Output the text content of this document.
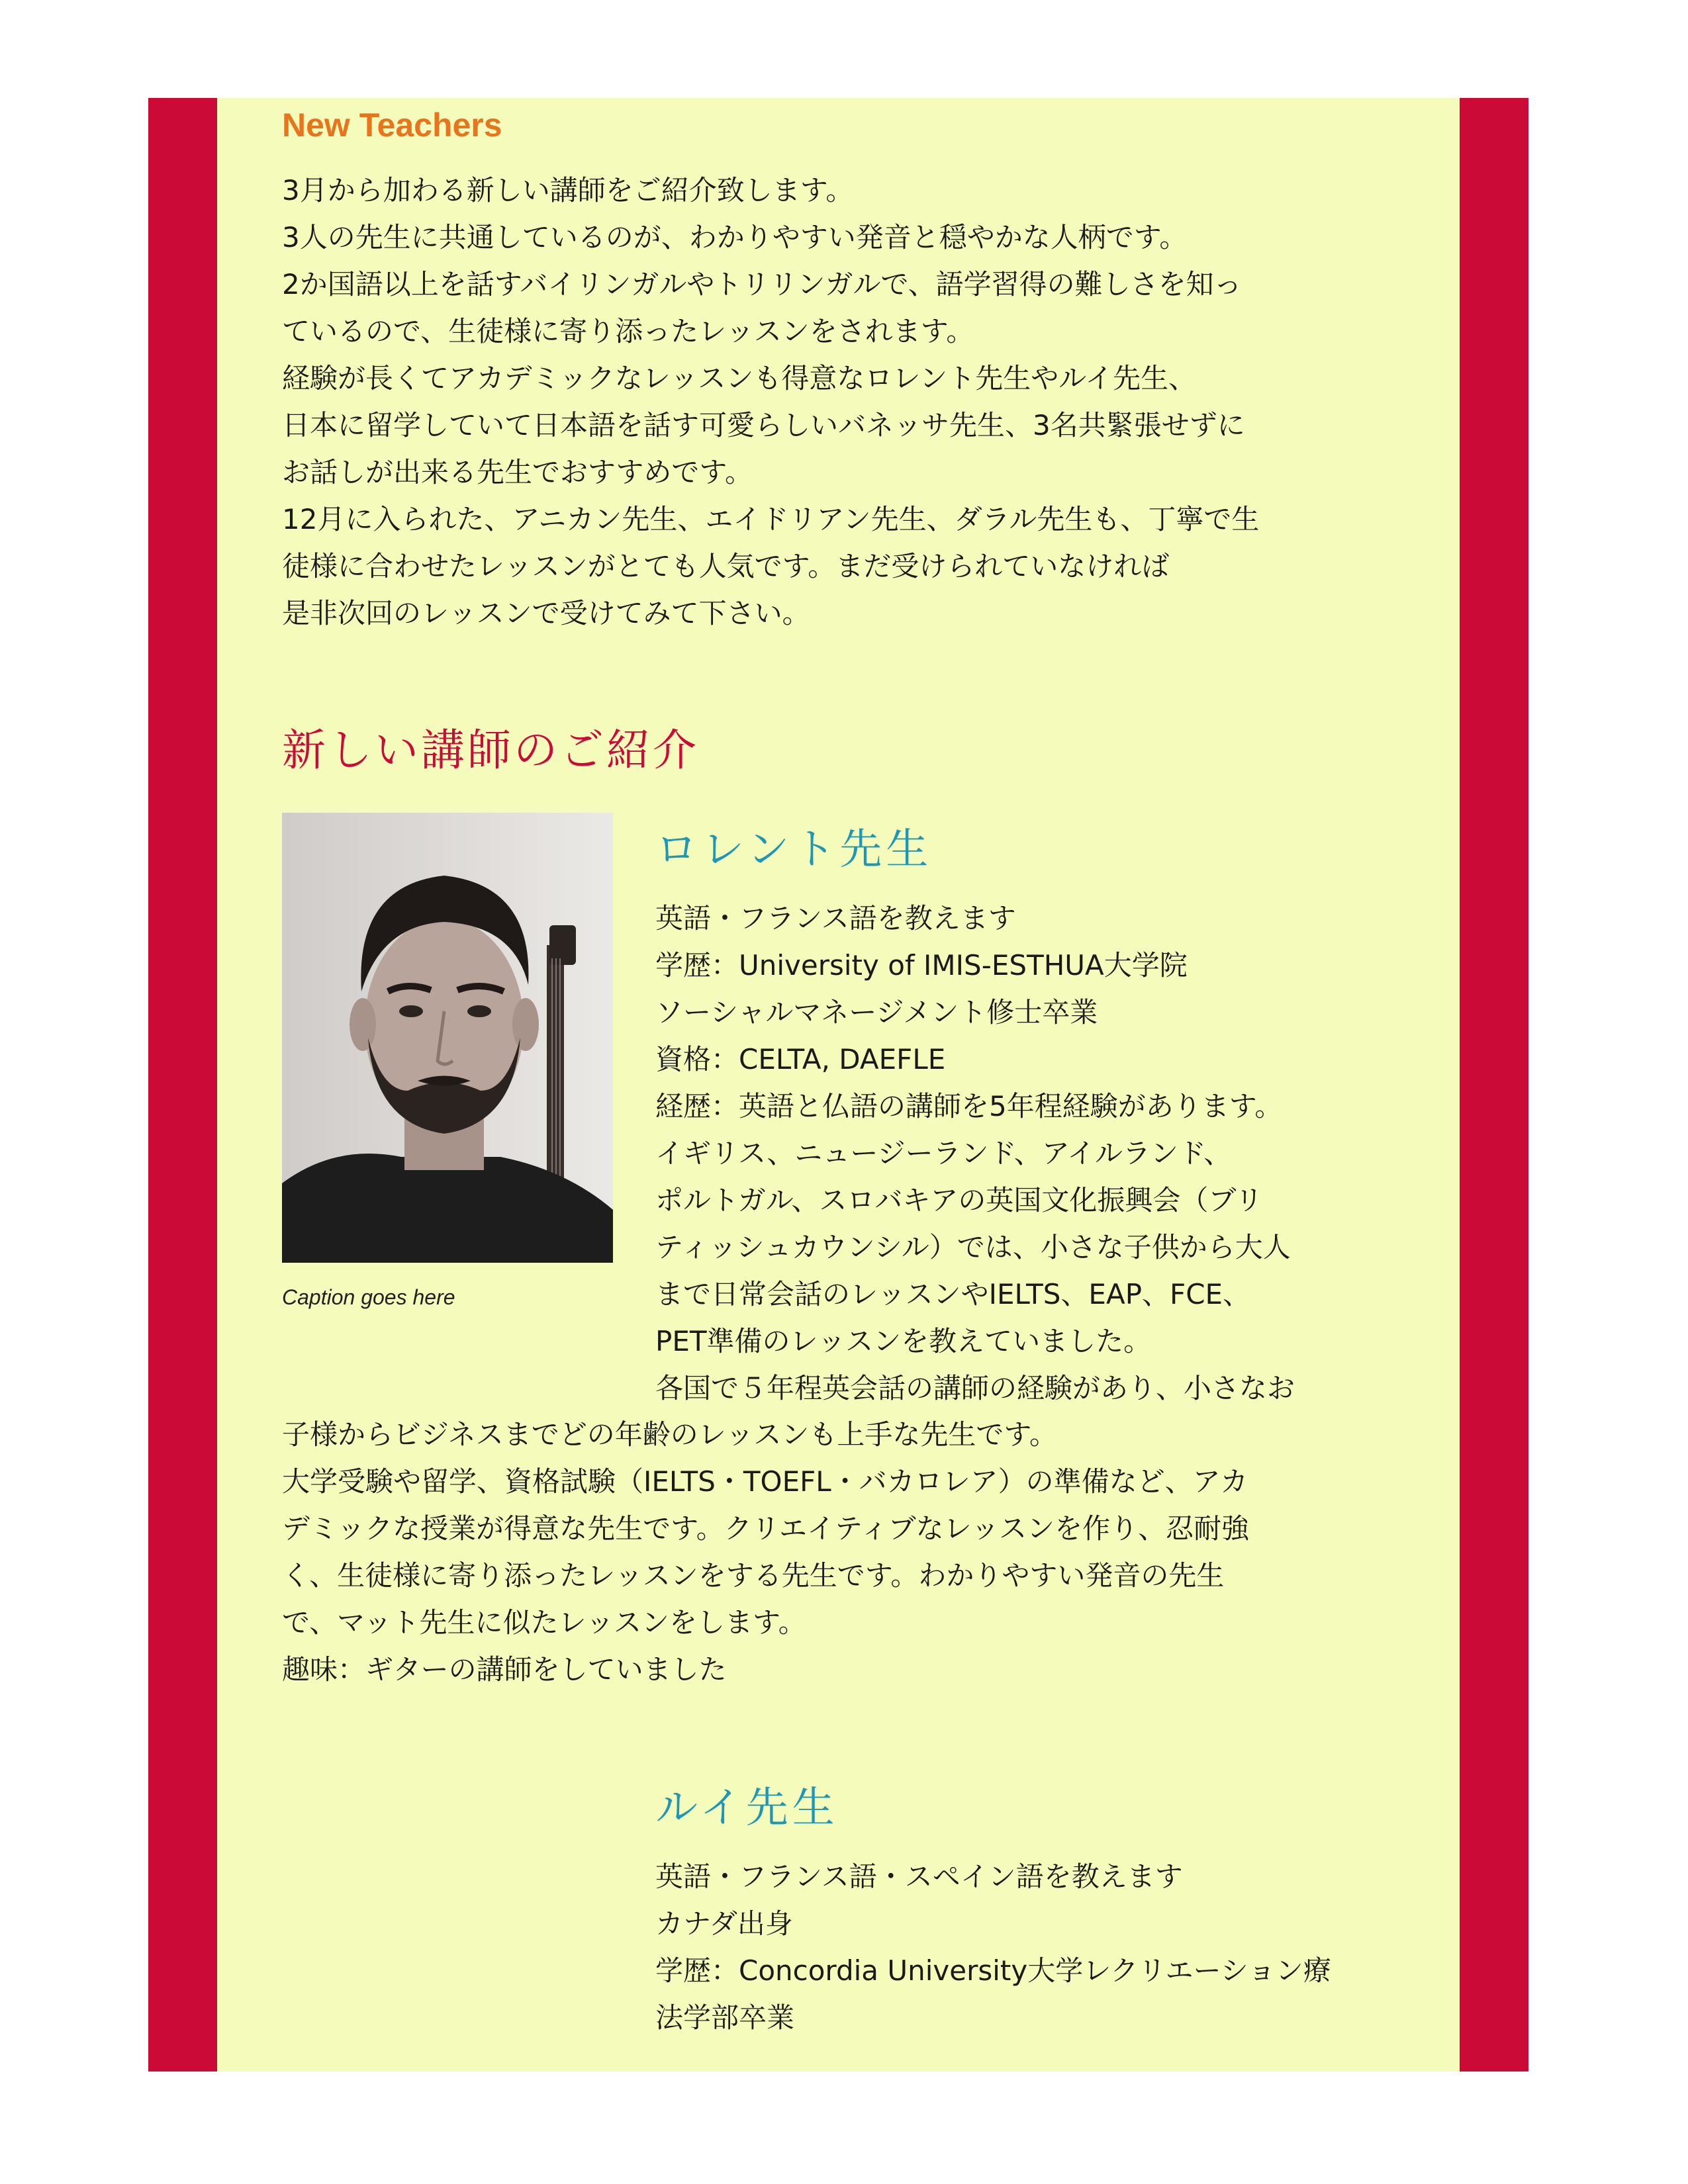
New Teachers

3月から加わる新しい講師をご紹介致します。
3人の先生に共通しているのが、わかりやすい発音と穏やかな人柄です。
2か国語以上を話すバイリンガルやトリリンガルで、語学習得の難しさを知っ
ているので、生徒様に寄り添ったレッスンをされます。
経験が長くてアカデミックなレッスンも得意なロレント先生やルイ先生、
日本に留学していて日本語を話す可愛らしいバネッサ先生、3名共緊張せずに
お話しが出来る先生でおすすめです。
12月に入られた、アニカン先生、エイドリアン先生、ダラル先生も、丁寧で生
徒様に合わせたレッスンがとても人気です。まだ受けられていなければ
是非次回のレッスンで受けてみて下さい。
新しい講師のご紹介

Caption goes here

ロレント先生
英語・フランス語を教えます
学歴：University of IMIS-ESTHUA大学院
ソーシャルマネージメント修士卒業
資格：CELTA, DAEFLE
経歴：英語と仏語の講師を5年程経験があります。
イギリス、ニュージーランド、アイルランド、
ポルトガル、スロバキアの英国文化振興会（ブリ
ティッシュカウンシル）では、小さな子供から大人
まで日常会話のレッスンやIELTS、EAP、FCE、
PET準備のレッスンを教えていました。
各国で５年程英会話の講師の経験があり、小さなお
子様からビジネスまでどの年齢のレッスンも上手な先生です。
大学受験や留学、資格試験（IELTS・TOEFL・バカロレア）の準備など、アカ
デミックな授業が得意な先生です。クリエイティブなレッスンを作り、忍耐強
く、生徒様に寄り添ったレッスンをする先生です。わかりやすい発音の先生
で、マット先生に似たレッスンをします。
趣味：ギターの講師をしていました
ルイ先生
英語・フランス語・スペイン語を教えます
カナダ出身
学歴：Concordia University大学レクリエーション療
法学部卒業
